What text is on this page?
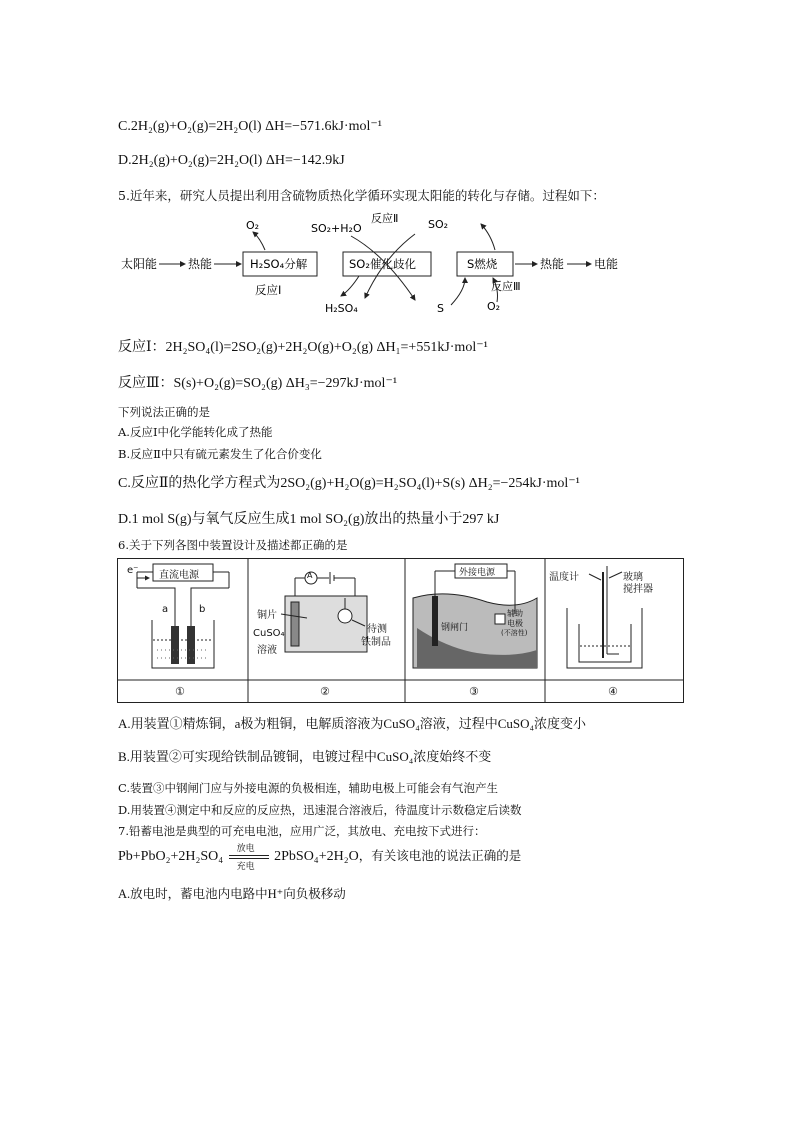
C.2H₂(g)+O₂(g)=2H₂O(l) ΔH=−571.6kJ·mol⁻¹
D.2H₂(g)+O₂(g)=2H₂O(l) ΔH=−142.9kJ
5.近年来，研究人员提出利用含硫物质热化学循环实现太阳能的转化与存储。过程如下：
太阳能	热能	H₂SO₄分解	SO₂催化歧化	S燃烧	热能 电能
O₂	SO₂+H₂O
反应Ⅱ	SO₂
反应Ⅰ
H₂SO₄	S
反应Ⅲ
O₂
反应Ⅰ：2H₂SO₄(l)=2SO₂(g)+2H₂O(g)+O₂(g) ΔH₁=+551kJ·mol⁻¹
反应Ⅲ：S(s)+O₂(g)=SO₂(g) ΔH₃=−297kJ·mol⁻¹
下列说法正确的是
A.反应Ⅰ中化学能转化成了热能
B.反应Ⅱ中只有硫元素发生了化合价变化
C.反应Ⅱ的热化学方程式为2SO₂(g)+H₂O(g)=H₂SO₄(l)+S(s) ΔH₂=−254kJ·mol⁻¹
D.1 mol S(g)与氧气反应生成1 mol SO₂(g)放出的热量小于297 kJ
6.关于下列各图中装置设计及描述都正确的是
直流电源
e⁻
a	b
①
A
铜片
CuSO₄
溶液
待测
铁制品
②
外接电源
钢闸门
辅助
电极
(不溶性)
③
温度计	玻璃
搅拌器
④
A.用装置①精炼铜，a极为粗铜，电解质溶液为CuSO₄溶液，过程中CuSO₄浓度变小
B.用装置②可实现给铁制品镀铜，电镀过程中CuSO₄浓度始终不变
C.装置③中钢闸门应与外接电源的负极相连，辅助电极上可能会有气泡产生
D.用装置④测定中和反应的反应热，迅速混合溶液后，待温度计示数稳定后读数
7.铅蓄电池是典型的可充电电池，应用广泛，其放电、充电按下式进行：
Pb+PbO₂+2H₂SO₄
放电
充电
2PbSO₄+2H₂O，有关该电池的说法正确的是
A.放电时，蓄电池内电路中H⁺向负极移动
